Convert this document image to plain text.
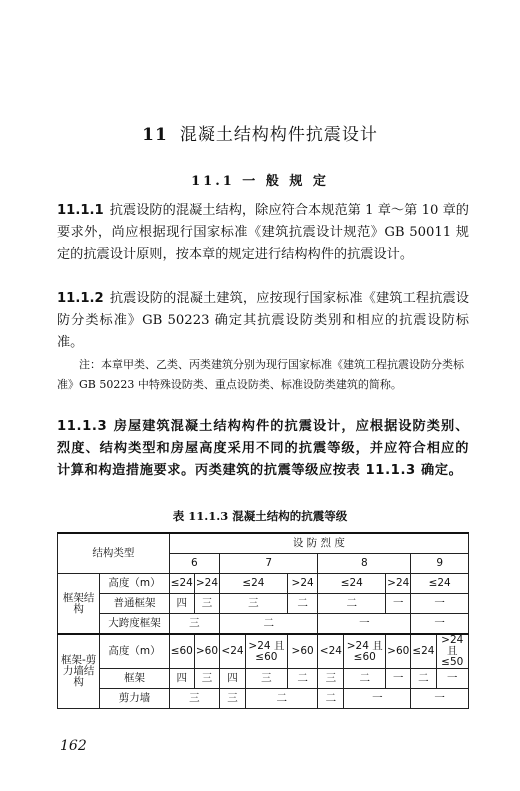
11 混凝土结构构件抗震设计
11.1 一 般 规 定
11.1.1 抗震设防的混凝土结构，除应符合本规范第 1 章～第 10 章的要求外，尚应根据现行国家标准《建筑抗震设计规范》GB 50011 规定的抗震设计原则，按本章的规定进行结构构件的抗震设计。
11.1.2 抗震设防的混凝土建筑，应按现行国家标准《建筑工程抗震设防分类标准》GB 50223 确定其抗震设防类别和相应的抗震设防标准。
注：本章甲类、乙类、丙类建筑分别为现行国家标准《建筑工程抗震设防分类标准》GB 50223 中特殊设防类、重点设防类、标准设防类建筑的简称。
11.1.3 房屋建筑混凝土结构构件的抗震设计，应根据设防类别、烈度、结构类型和房屋高度采用不同的抗震等级，并应符合相应的计算和构造措施要求。丙类建筑的抗震等级应按表 11.1.3 确定。
表 11.1.3 混凝土结构的抗震等级
结构类型		设 防 烈 度									
		6		7			8			9	
框架结构	高度（m）	≤24	>24	≤24		>24	≤24		>24	≤24	
	普通框架	四	三	三		二	二		一	一	
	大跨度框架	三		二			一			一	
框架-剪力墙结构	高度（m）	≤60	>60	<24	>24 且 ≤60	>60	<24	>24 且 ≤60	>60	≤24	>24 且 ≤50
	框架	四	三	四	三	二	三	二	一	二	一
	剪力墙	三		三	二		二	一		一	
162
